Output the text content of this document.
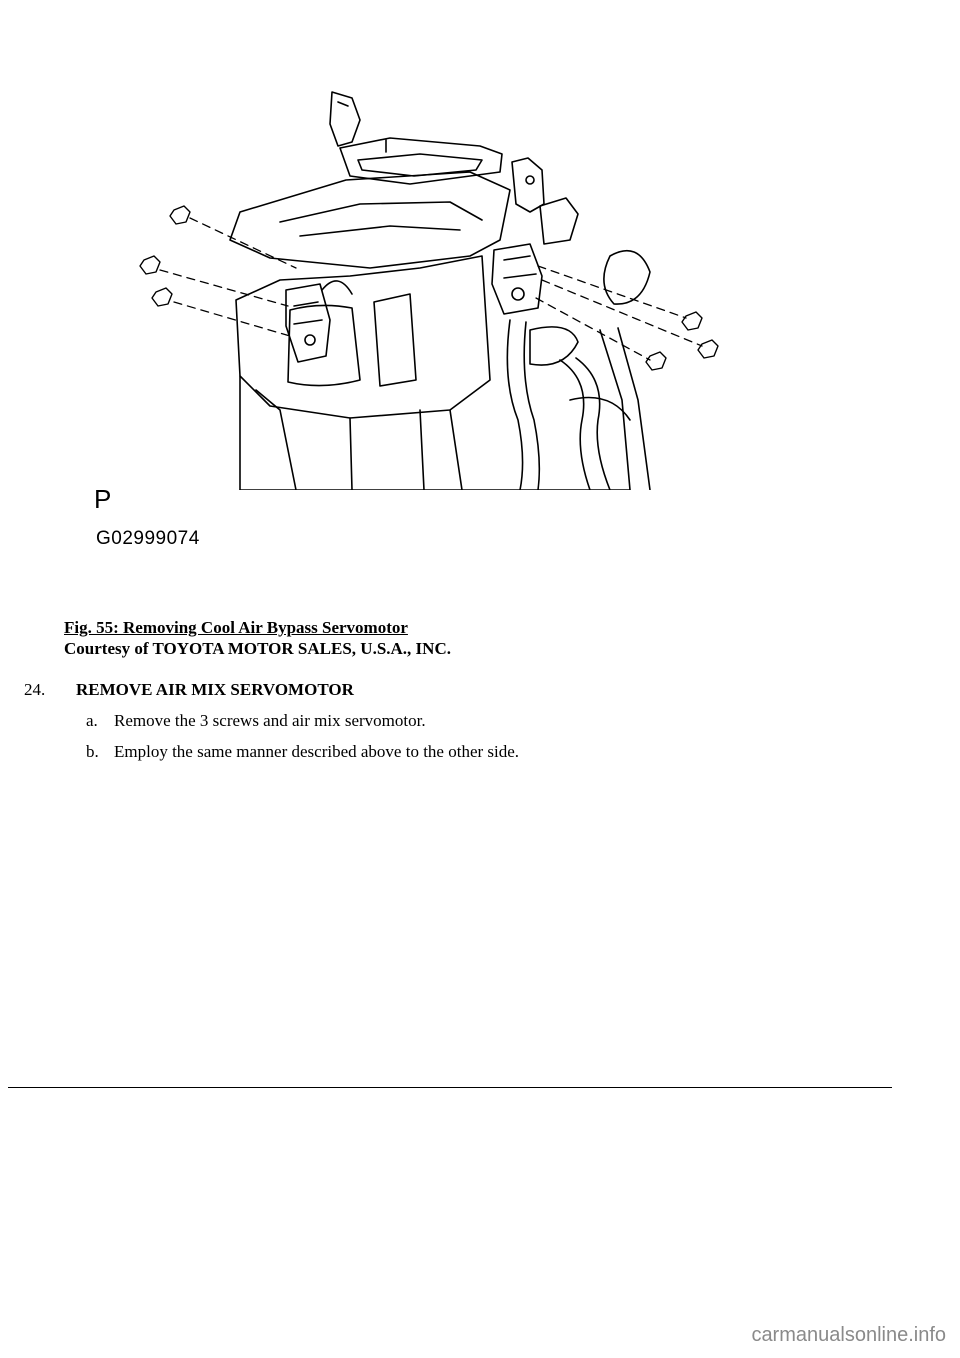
P
G02999074
Fig. 55: Removing Cool Air Bypass Servomotor
Courtesy of TOYOTA MOTOR SALES, U.S.A., INC.
24. REMOVE AIR MIX SERVOMOTOR
a. Remove the 3 screws and air mix servomotor.
b. Employ the same manner described above to the other side.
carmanualsonline.info
